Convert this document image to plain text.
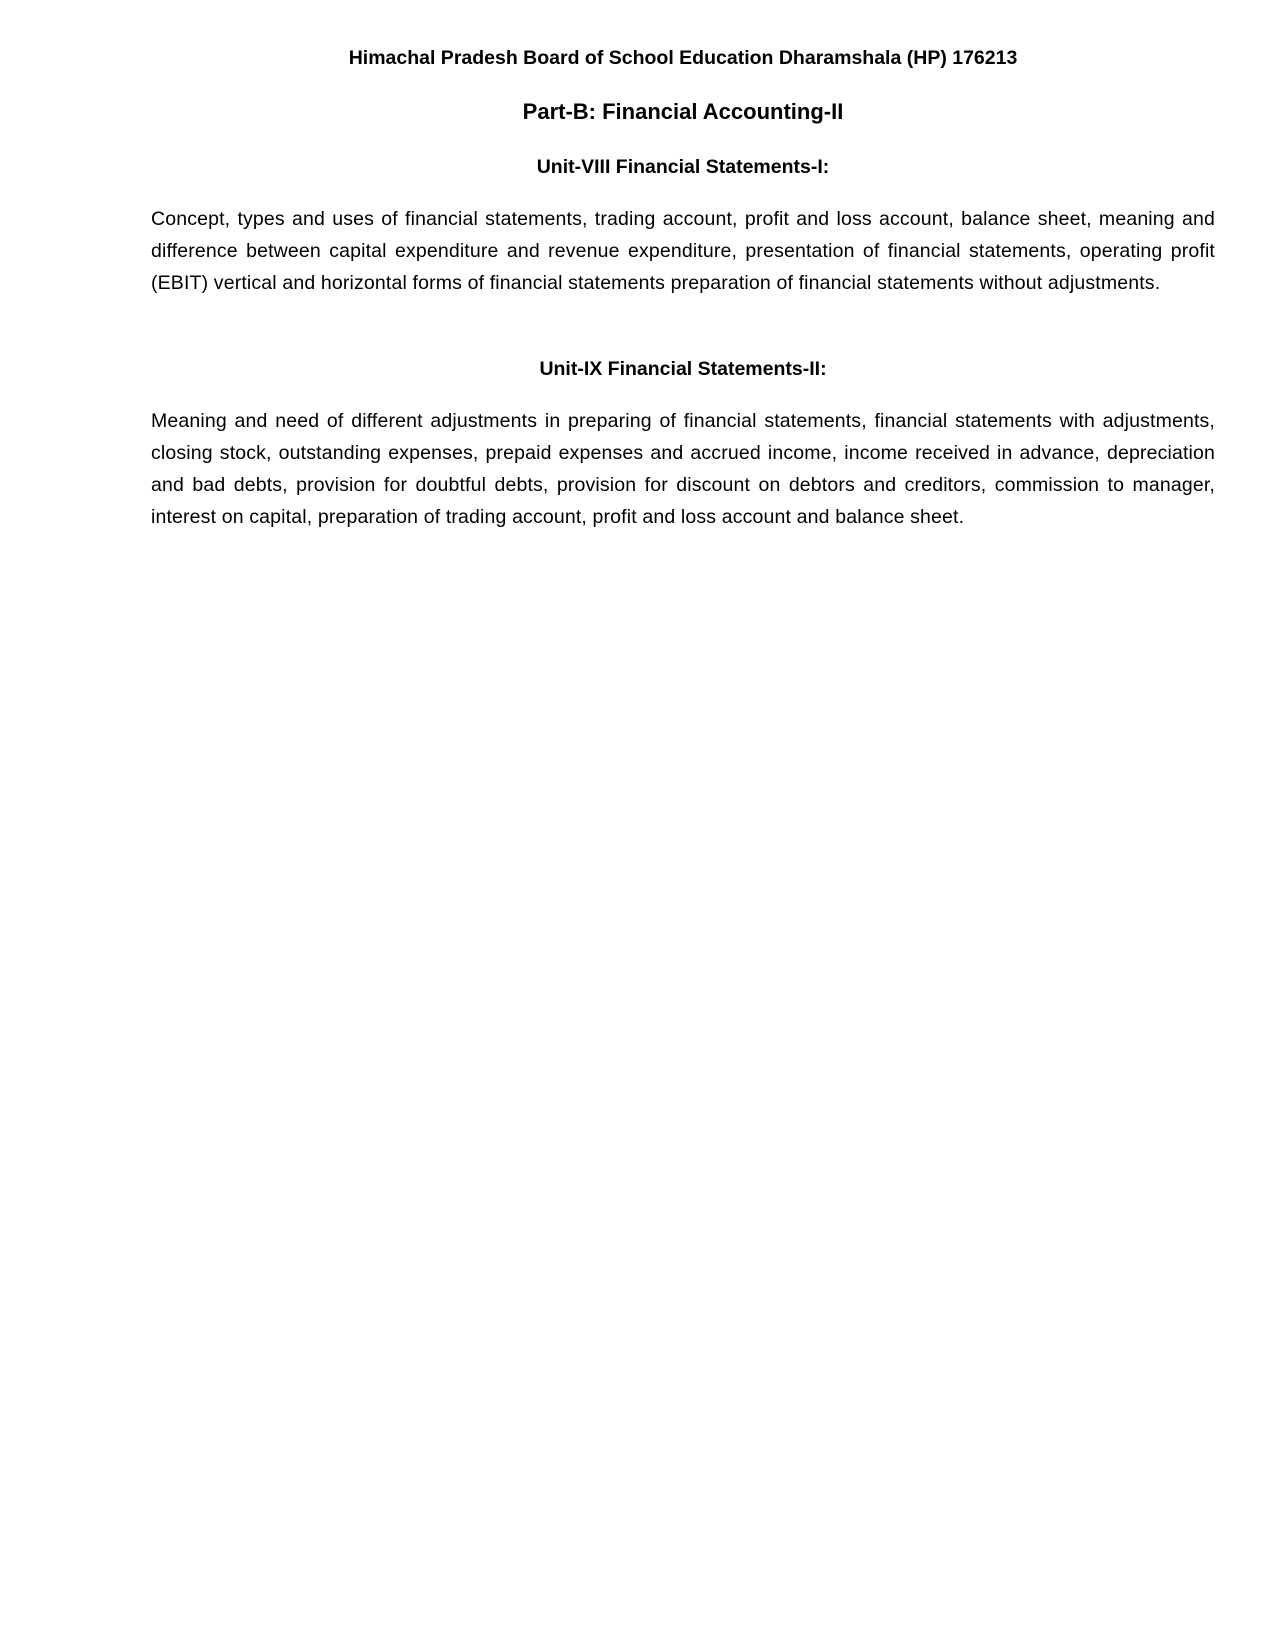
Himachal Pradesh Board of School Education Dharamshala (HP) 176213
Part-B: Financial Accounting-II
Unit-VIII Financial Statements-I:

Concept, types and uses of financial statements, trading account, profit and loss account, balance sheet, meaning and difference between capital expenditure and revenue expenditure, presentation of financial statements, operating profit (EBIT) vertical and horizontal forms of financial statements preparation of financial statements without adjustments.

Unit-IX Financial Statements-II:

Meaning and need of different adjustments in preparing of financial statements, financial statements with adjustments, closing stock, outstanding expenses, prepaid expenses and accrued income, income received in advance, depreciation and bad debts, provision for doubtful debts, provision for discount on debtors and creditors, commission to manager, interest on capital, preparation of trading account, profit and loss account and balance sheet.
